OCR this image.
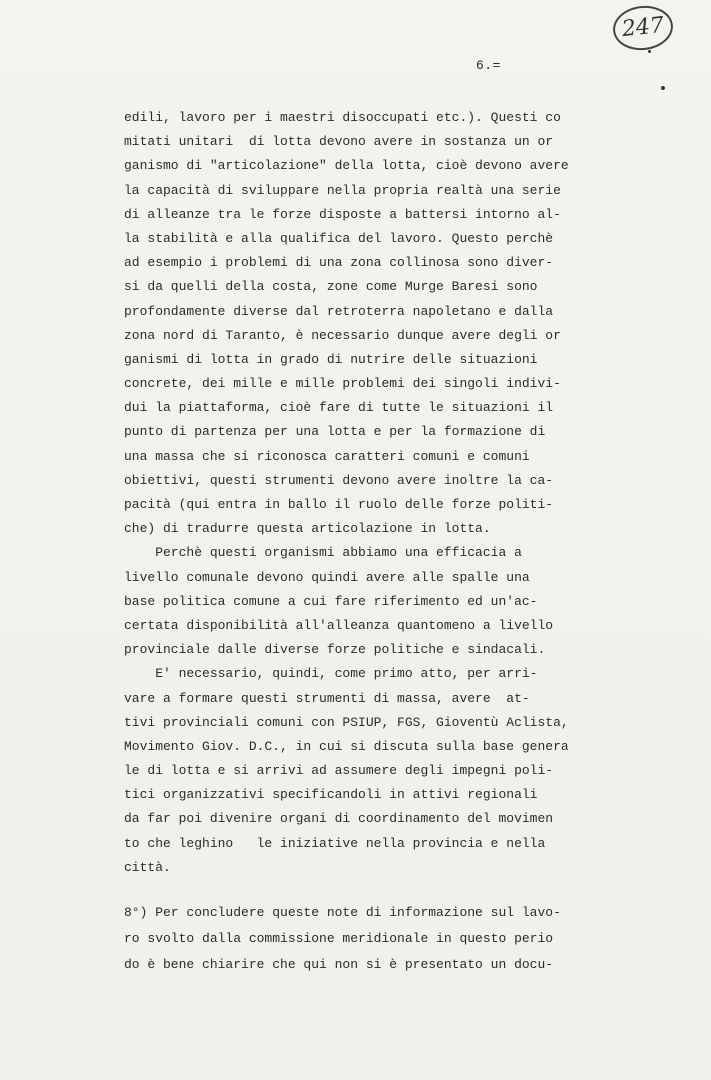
247
6.=
edili, lavoro per i maestri disoccupati etc.). Questi co
mitati unitari  di lotta devono avere in sostanza un or
ganismo di "articolazione" della lotta, cioè devono avere
la capacità di sviluppare nella propria realtà una serie
di alleanze tra le forze disposte a battersi intorno al-
la stabilità e alla qualifica del lavoro. Questo perchè
ad esempio i problemi di una zona collinosa sono diver-
si da quelli della costa, zone come Murge Baresi sono
profondamente diverse dal retroterra napoletano e dalla
zona nord di Taranto, è necessario dunque avere degli or
ganismi di lotta in grado di nutrire delle situazioni
concrete, dei mille e mille problemi dei singoli indivi-
dui la piattaforma, cioè fare di tutte le situazioni il
punto di partenza per una lotta e per la formazione di
una massa che si riconosca caratteri comuni e comuni
obiettivi, questi strumenti devono avere inoltre la ca-
pacità (qui entra in ballo il ruolo delle forze politi-
che) di tradurre questa articolazione in lotta.
Perchè questi organismi abbiamo una efficacia a
livello comunale devono quindi avere alle spalle una
base politica comune a cui fare riferimento ed un'ac-
certata disponibilità all'alleanza quantomeno a livello
provinciale dalle diverse forze politiche e sindacali.
E' necessario, quindi, come primo atto, per arri-
vare a formare questi strumenti di massa, avere  at-
tivi provinciali comuni con PSIUP, FGS, Gioventù Aclista,
Movimento Giov. D.C., in cui si discuta sulla base genera
le di lotta e si arrivi ad assumere degli impegni poli-
tici organizzativi specificandoli in attivi regionali
da far poi divenire organi di coordinamento del movimen
to che leghino   le iniziative nella provincia e nella
città.
8°) Per concludere queste note di informazione sul lavo-
ro svolto dalla commissione meridionale in questo perio
do è bene chiarire che qui non si è presentato un docu-
